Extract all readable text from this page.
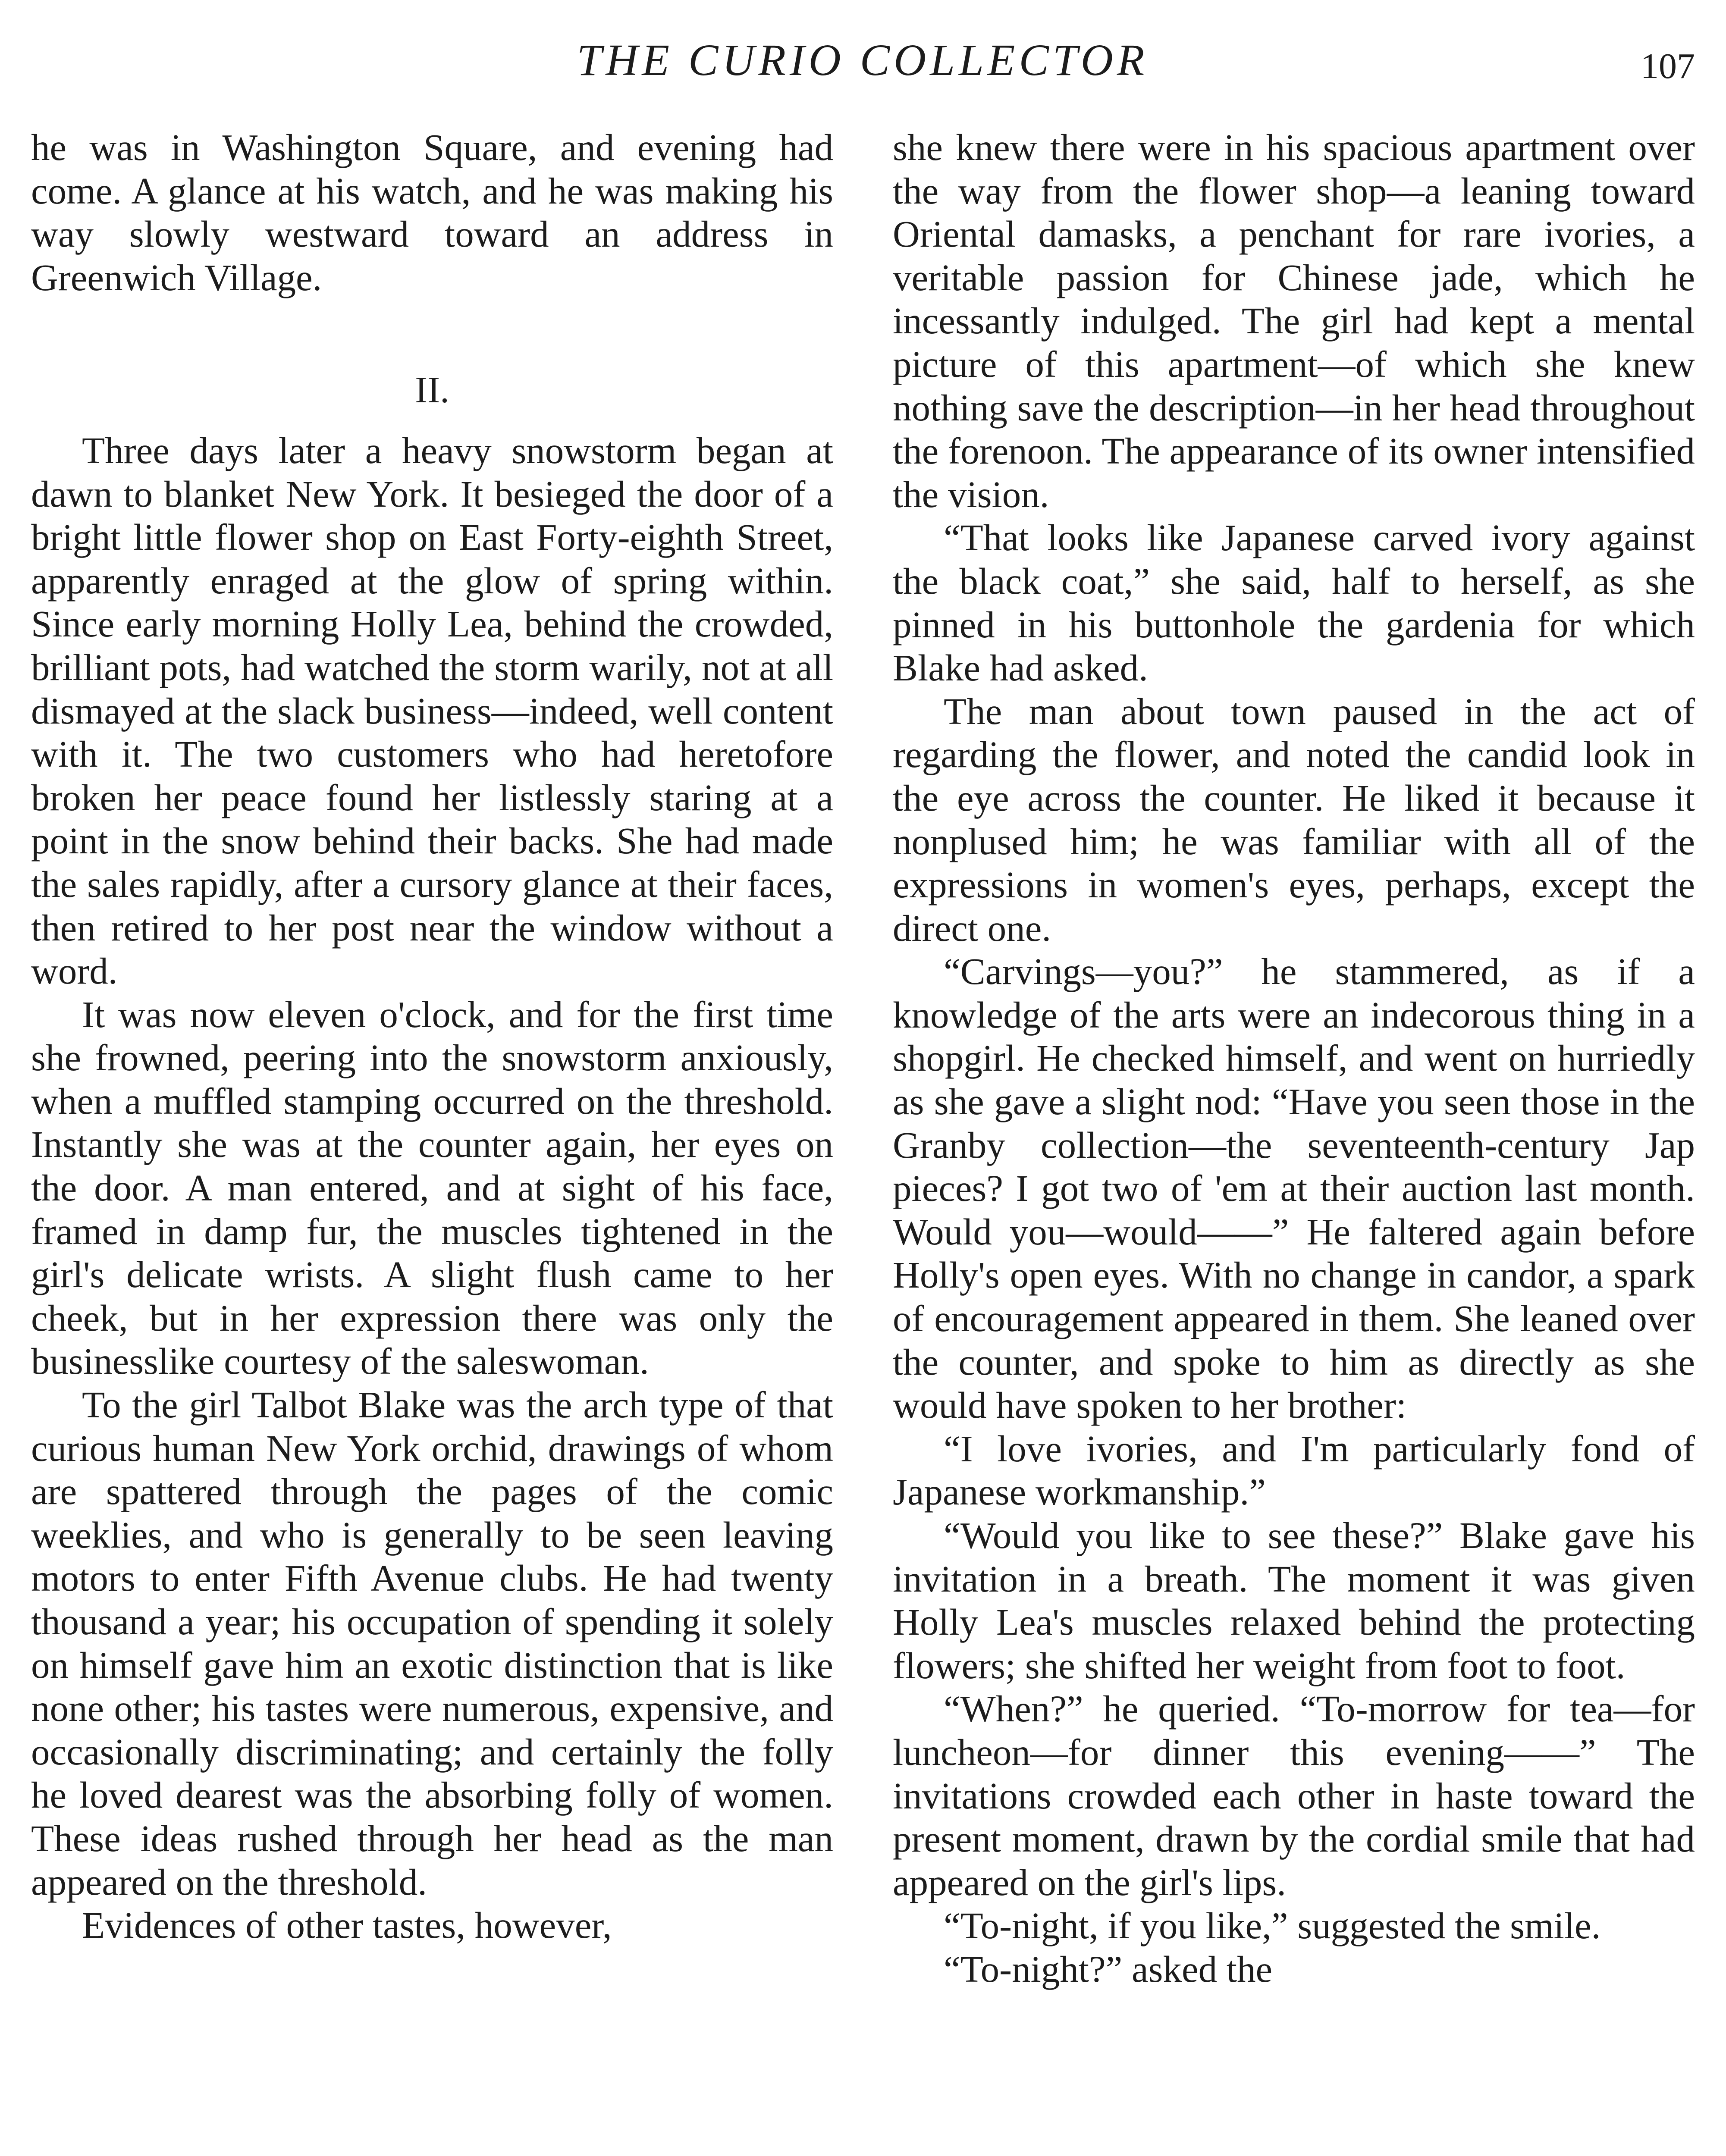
THE CURIO COLLECTOR	107

he was in Washington Square, and evening had come. A glance at his watch, and he was making his way slowly westward toward an address in Greenwich Village.

II.

Three days later a heavy snowstorm began at dawn to blanket New York. It besieged the door of a bright little flower shop on East Forty-eighth Street, apparently enraged at the glow of spring within. Since early morning Holly Lea, behind the crowded, brilliant pots, had watched the storm warily, not at all dismayed at the slack business—indeed, well content with it. The two customers who had heretofore broken her peace found her listlessly staring at a point in the snow behind their backs. She had made the sales rapidly, after a cursory glance at their faces, then retired to her post near the window without a word.

It was now eleven o'clock, and for the first time she frowned, peering into the snowstorm anxiously, when a muffled stamping occurred on the threshold. Instantly she was at the counter again, her eyes on the door. A man entered, and at sight of his face, framed in damp fur, the muscles tightened in the girl's delicate wrists. A slight flush came to her cheek, but in her expression there was only the businesslike courtesy of the saleswoman.

To the girl Talbot Blake was the arch type of that curious human New York orchid, drawings of whom are spattered through the pages of the comic weeklies, and who is generally to be seen leaving motors to enter Fifth Avenue clubs. He had twenty thousand a year; his occupation of spending it solely on himself gave him an exotic distinction that is like none other; his tastes were numerous, expensive, and occasionally discriminating; and certainly the folly he loved dearest was the absorbing folly of women. These ideas rushed through her head as the man appeared on the threshold.

Evidences of other tastes, however,

she knew there were in his spacious apartment over the way from the flower shop—a leaning toward Oriental damasks, a penchant for rare ivories, a veritable passion for Chinese jade, which he incessantly indulged. The girl had kept a mental picture of this apartment—of which she knew nothing save the description—in her head throughout the forenoon. The appearance of its owner intensified the vision.

“That looks like Japanese carved ivory against the black coat,” she said, half to herself, as she pinned in his buttonhole the gardenia for which Blake had asked.

The man about town paused in the act of regarding the flower, and noted the candid look in the eye across the counter. He liked it because it nonplused him; he was familiar with all of the expressions in women's eyes, perhaps, except the direct one.

“Carvings—you?” he stammered, as if a knowledge of the arts were an indecorous thing in a shopgirl. He checked himself, and went on hurriedly as she gave a slight nod: “Have you seen those in the Granby collection—the seventeenth-century Jap pieces? I got two of 'em at their auction last month. Would you—would——” He faltered again before Holly's open eyes. With no change in candor, a spark of encouragement appeared in them. She leaned over the counter, and spoke to him as directly as she would have spoken to her brother:

“I love ivories, and I'm particularly fond of Japanese workmanship.”

“Would you like to see these?” Blake gave his invitation in a breath. The moment it was given Holly Lea's muscles relaxed behind the protecting flowers; she shifted her weight from foot to foot.

“When?” he queried. “To-morrow for tea—for luncheon—for dinner this evening——” The invitations crowded each other in haste toward the present moment, drawn by the cordial smile that had appeared on the girl's lips.

“To-night, if you like,” suggested the smile.

“To-night?” asked the
